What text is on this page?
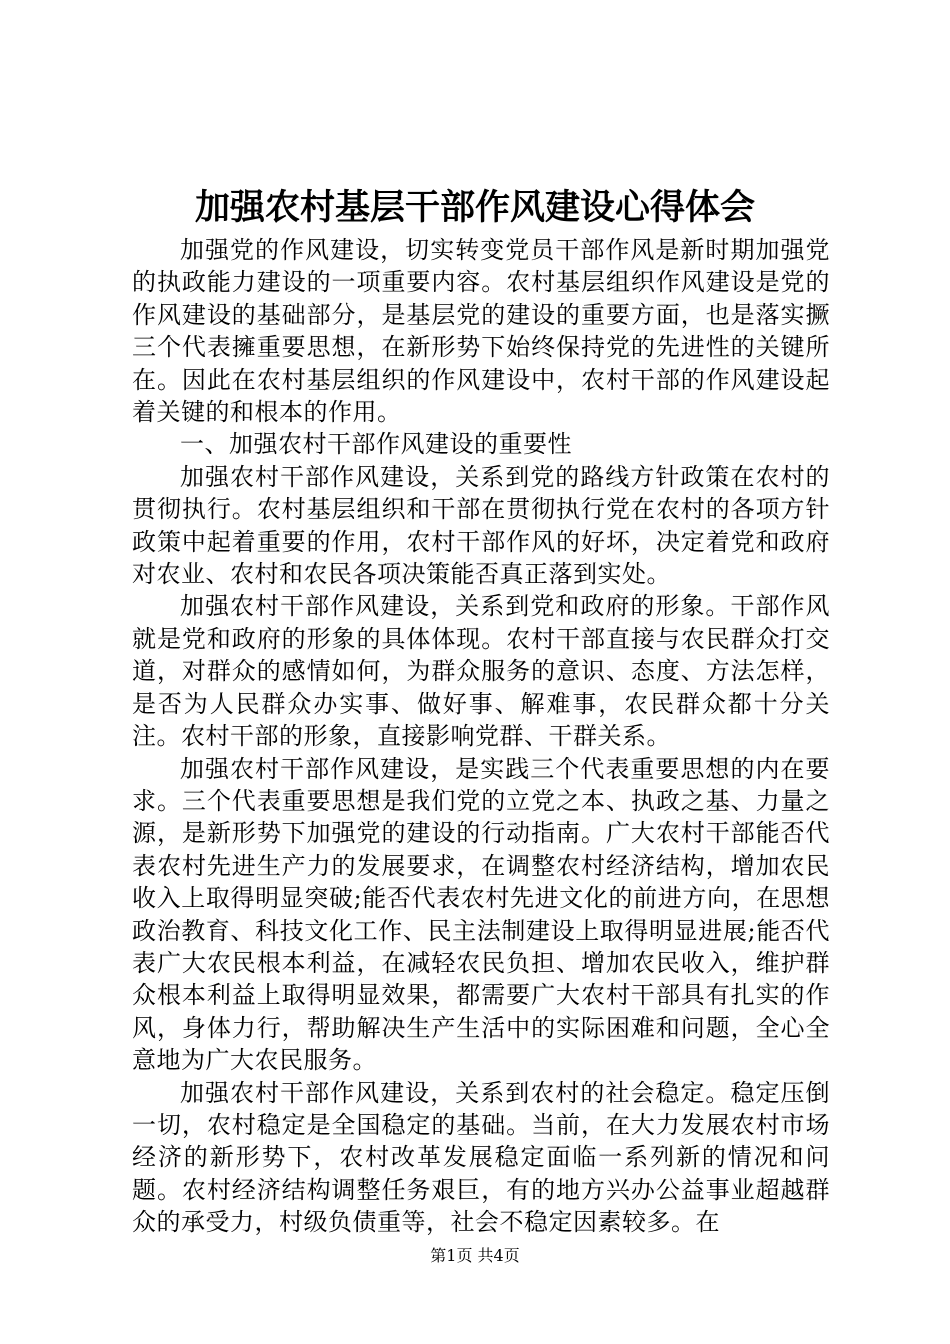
加强农村基层干部作风建设心得体会

加强党的作风建设，切实转变党员干部作风是新时期加强党的执政能力建设的一项重要内容。农村基层组织作风建设是党的作风建设的基础部分，是基层党的建设的重要方面，也是落实撅三个代表擁重要思想，在新形势下始终保持党的先进性的关键所在。因此在农村基层组织的作风建设中，农村干部的作风建设起着关键的和根本的作用。

一、加强农村干部作风建设的重要性

加强农村干部作风建设，关系到党的路线方针政策在农村的贯彻执行。农村基层组织和干部在贯彻执行党在农村的各项方针政策中起着重要的作用，农村干部作风的好坏，决定着党和政府对农业、农村和农民各项决策能否真正落到实处。

加强农村干部作风建设，关系到党和政府的形象。干部作风就是党和政府的形象的具体体现。农村干部直接与农民群众打交道，对群众的感情如何，为群众服务的意识、态度、方法怎样，是否为人民群众办实事、做好事、解难事，农民群众都十分关注。农村干部的形象，直接影响党群、干群关系。

加强农村干部作风建设，是实践三个代表重要思想的内在要求。三个代表重要思想是我们党的立党之本、执政之基、力量之源，是新形势下加强党的建设的行动指南。广大农村干部能否代表农村先进生产力的发展要求，在调整农村经济结构，增加农民收入上取得明显突破;能否代表农村先进文化的前进方向，在思想政治教育、科技文化工作、民主法制建设上取得明显进展;能否代表广大农民根本利益，在减轻农民负担、增加农民收入，维护群众根本利益上取得明显效果，都需要广大农村干部具有扎实的作风，身体力行，帮助解决生产生活中的实际困难和问题，全心全意地为广大农民服务。

加强农村干部作风建设，关系到农村的社会稳定。稳定压倒一切，农村稳定是全国稳定的基础。当前，在大力发展农村市场经济的新形势下，农村改革发展稳定面临一系列新的情况和问题。农村经济结构调整任务艰巨，有的地方兴办公益事业超越群众的承受力，村级负债重等，社会不稳定因素较多。在

第1页 共4页
